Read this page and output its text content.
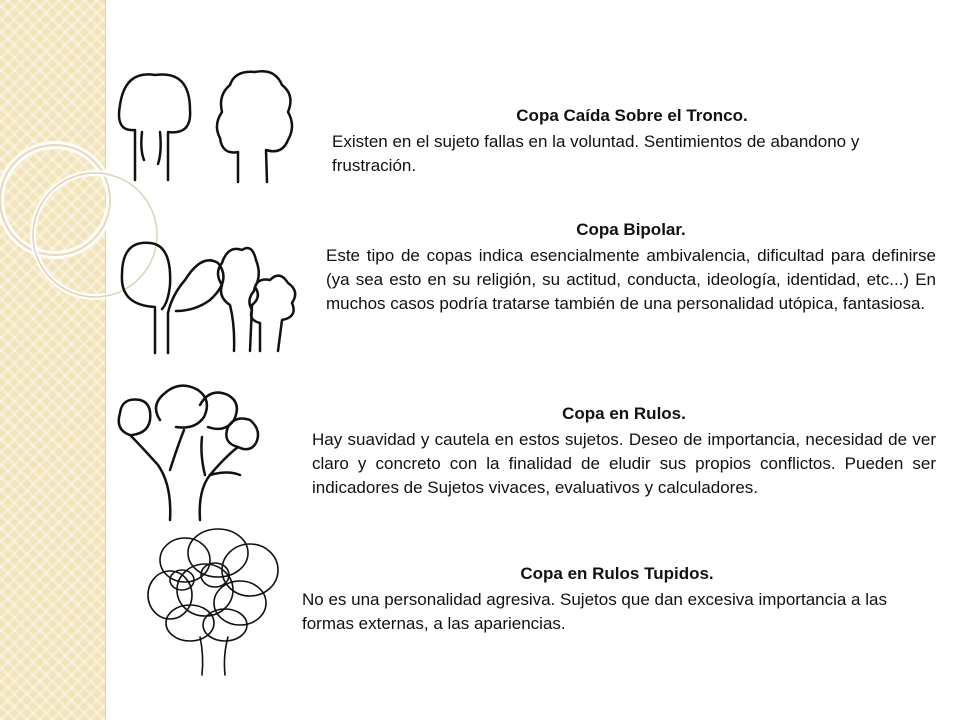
Copa Caída Sobre el Tronco.

Existen en el sujeto fallas en la voluntad. Sentimientos de abandono y frustración.

Copa Bipolar.

Este tipo de copas indica esencialmente ambivalencia, dificultad para definirse (ya sea esto en su religión, su actitud, conducta, ideología, identidad, etc...) En muchos casos podría tratarse también de una personalidad utópica, fantasiosa.

Copa en Rulos.

Hay suavidad y cautela en estos sujetos. Deseo de importancia, necesidad de ver claro y concreto con la finalidad de eludir sus propios conflictos. Pueden ser indicadores de Sujetos vivaces, evaluativos y calculadores.

Copa en Rulos Tupidos.

No es una personalidad agresiva. Sujetos que dan excesiva importancia a las formas externas, a las apariencias.
